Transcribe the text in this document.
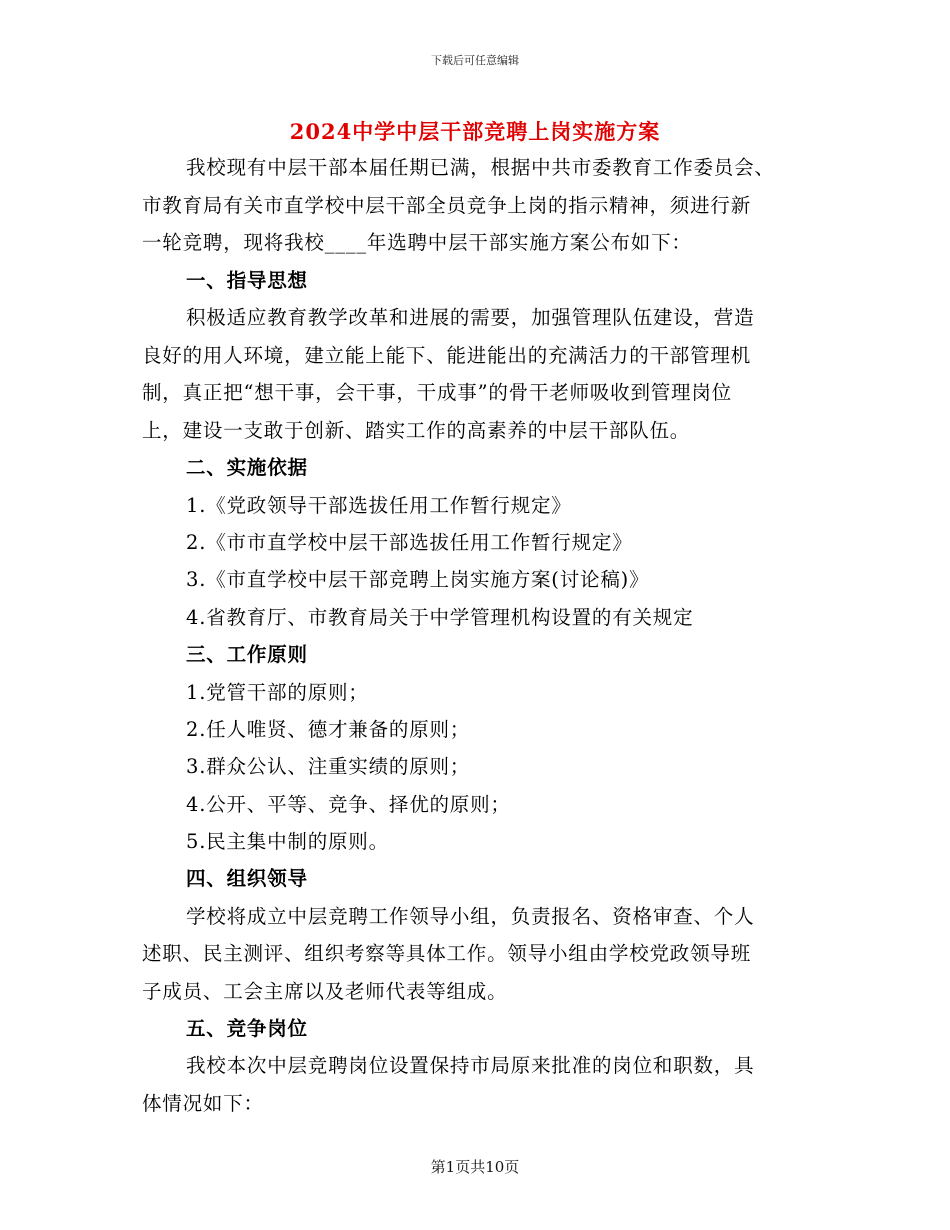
下载后可任意编辑
2024中学中层干部竞聘上岗实施方案
我校现有中层干部本届任期已满，根据中共市委教育工作委员会、
市教育局有关市直学校中层干部全员竞争上岗的指示精神，须进行新
一轮竞聘，现将我校____年选聘中层干部实施方案公布如下：
一、指导思想
积极适应教育教学改革和进展的需要，加强管理队伍建设，营造
良好的用人环境，建立能上能下、能进能出的充满活力的干部管理机
制，真正把“想干事，会干事，干成事”的骨干老师吸收到管理岗位
上，建设一支敢于创新、踏实工作的高素养的中层干部队伍。
二、实施依据
1.《党政领导干部选拔任用工作暂行规定》
2.《市市直学校中层干部选拔任用工作暂行规定》
3.《市直学校中层干部竞聘上岗实施方案(讨论稿)》
4.省教育厅、市教育局关于中学管理机构设置的有关规定
三、工作原则
1.党管干部的原则；
2.任人唯贤、德才兼备的原则；
3.群众公认、注重实绩的原则；
4.公开、平等、竞争、择优的原则；
5.民主集中制的原则。
四、组织领导
学校将成立中层竞聘工作领导小组，负责报名、资格审查、个人
述职、民主测评、组织考察等具体工作。领导小组由学校党政领导班
子成员、工会主席以及老师代表等组成。
五、竞争岗位
我校本次中层竞聘岗位设置保持市局原来批准的岗位和职数，具
体情况如下：
第1页共10页
